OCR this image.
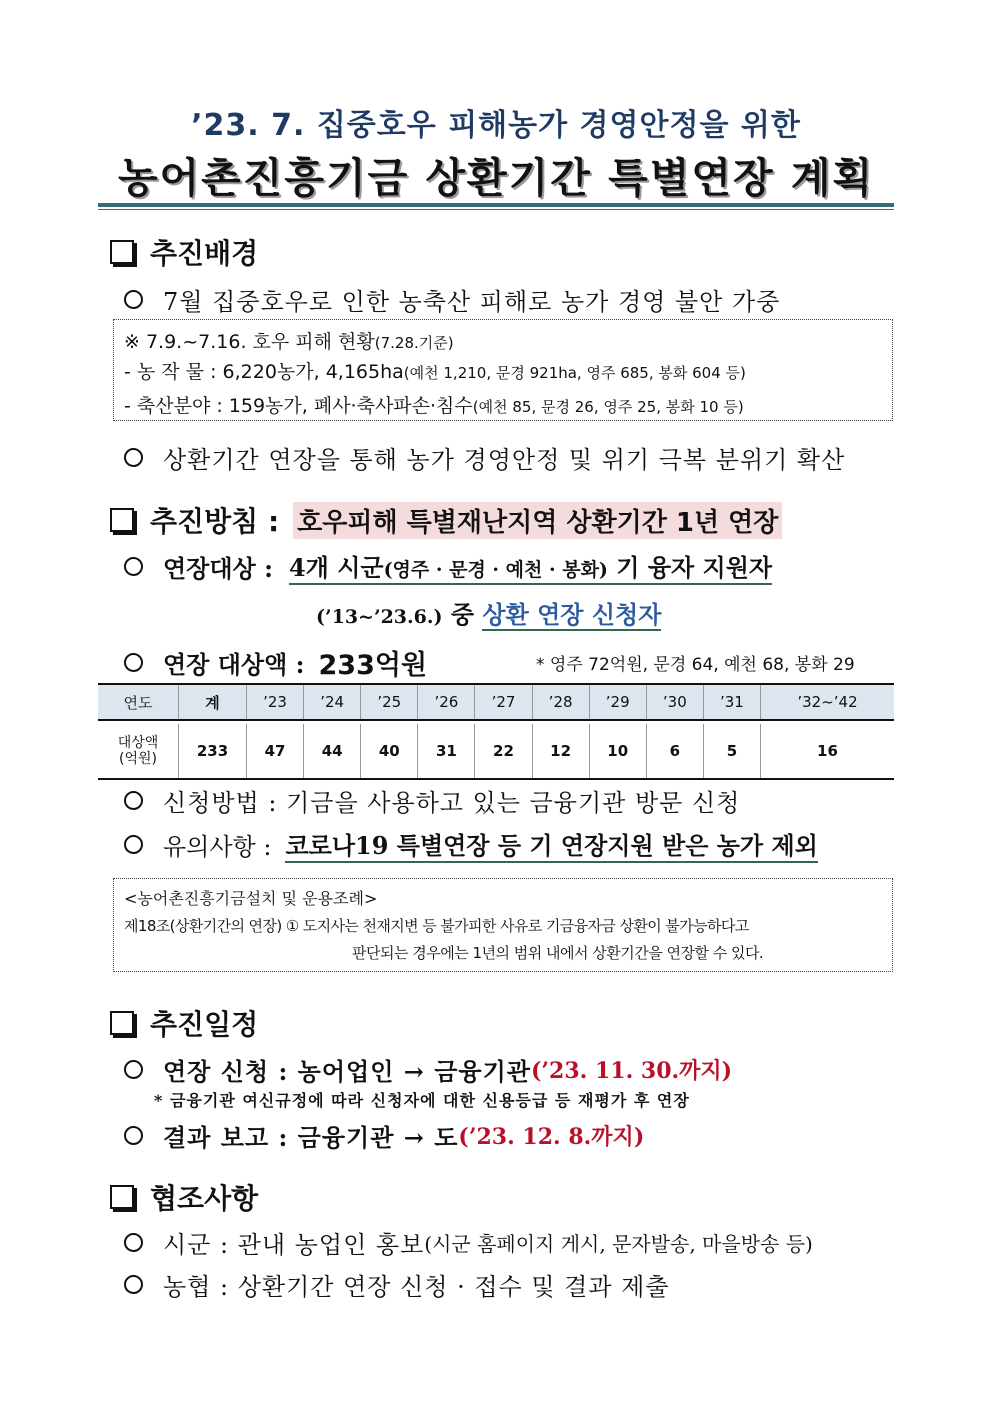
’23. 7. 집중호우 피해농가 경영안정을 위한
농어촌진흥기금 상환기간 특별연장 계획
추진배경
7월 집중호우로 인한 농축산 피해로 농가 경영 불안 가중
※ 7.9.~7.16. 호우 피해 현황(7.28.기준)
- 농 작 물 : 6,220농가, 4,165ha(예천 1,210, 문경 921ha, 영주 685, 봉화 604 등)
- 축산분야 : 159농가, 폐사·축사파손·침수(예천 85, 문경 26, 영주 25, 봉화 10 등)
상환기간 연장을 통해 농가 경영안정 및 위기 극복 분위기 확산
추진방침 : 호우피해 특별재난지역 상환기간 1년 연장
연장대상 : 4개 시군(영주 · 문경 · 예천 · 봉화) 기 융자 지원자
(’13~’23.6.) 중 상환 연장 신청자
연장 대상액 : 233억원	* 영주 72억원, 문경 64, 예천 68, 봉화 29
연도	계	’23	’24	’25	’26	’27	’28	’29	’30	’31	’32~’42

대상액
(억원)	233	47	44	40	31	22	12	10	6	5	16
신청방법 : 기금을 사용하고 있는 금융기관 방문 신청
유의사항 : 코로나19 특별연장 등 기 연장지원 받은 농가 제외
<농어촌진흥기금설치 및 운용조례>
제18조(상환기간의 연장) ① 도지사는 천재지변 등 불가피한 사유로 기금융자금 상환이 불가능하다고
판단되는 경우에는 1년의 범위 내에서 상환기간을 연장할 수 있다.
추진일정
연장 신청 : 농어업인 → 금융기관 (’23. 11. 30.까지)
* 금융기관 여신규정에 따라 신청자에 대한 신용등급 등 재평가 후 연장
결과 보고 : 금융기관 → 도 (’23. 12. 8.까지)
협조사항
시군 : 관내 농업인 홍보 (시군 홈페이지 게시, 문자발송, 마을방송 등)
농협 : 상환기간 연장 신청 · 접수 및 결과 제출
